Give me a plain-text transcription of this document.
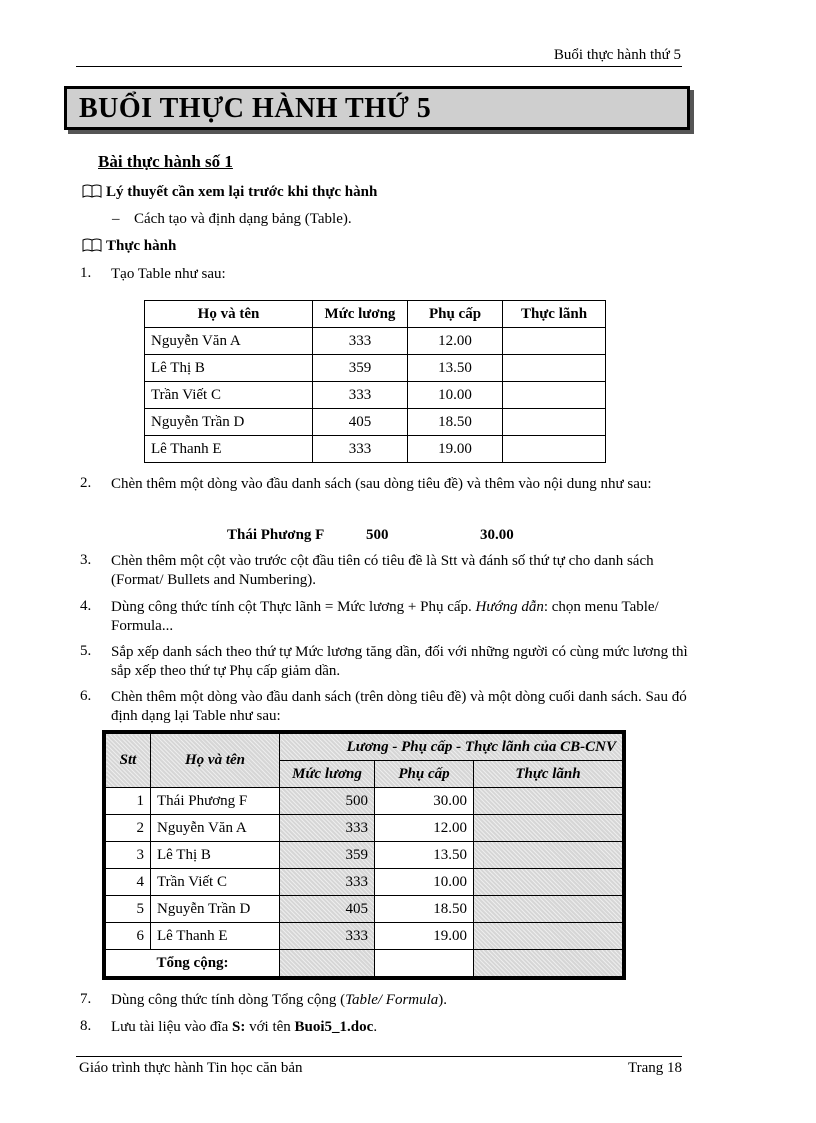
Buổi thực hành thứ 5
BUỔI THỰC HÀNH THỨ 5
Bài thực hành số 1
Lý thuyết cần xem lại trước khi thực hành
– Cách tạo và định dạng bảng (Table).
Thực hành
1.	Tạo Table như sau:
Họ và tên	Mức lương	Phụ cấp	Thực lãnh
Nguyễn Văn A	333	12.00	
Lê Thị B	359	13.50	
Trần Viết C	333	10.00	
Nguyễn Trần D	405	18.50	
Lê Thanh E	333	19.00	
2.	Chèn thêm một dòng vào đầu danh sách (sau dòng tiêu đề) và thêm vào nội dung như sau:
Thái Phương F	500	30.00
3.	Chèn thêm một cột vào trước cột đầu tiên có tiêu đề là Stt và đánh số thứ tự cho danh sách (Format/ Bullets and Numbering).
4.	Dùng công thức tính cột Thực lãnh = Mức lương + Phụ cấp. Hướng dẫn: chọn menu Table/ Formula...
5.	Sắp xếp danh sách theo thứ tự Mức lương tăng dần, đối với những người có cùng mức lương thì sắp xếp theo thứ tự Phụ cấp giảm dần.
6.	Chèn thêm một dòng vào đầu danh sách (trên dòng tiêu đề) và một dòng cuối danh sách. Sau đó định dạng lại Table như sau:
Stt	Họ và tên	Lương - Phụ cấp - Thực lãnh của CB-CNV		
		Mức lương	Phụ cấp	Thực lãnh
1	Thái Phương F	500	30.00	
2	Nguyễn Văn A	333	12.00	
3	Lê Thị B	359	13.50	
4	Trần Viết C	333	10.00	
5	Nguyễn Trần D	405	18.50	
6	Lê Thanh E	333	19.00	
Tổng cộng:				
7.	Dùng công thức tính dòng Tổng cộng (Table/ Formula).
8.	Lưu tài liệu vào đĩa S: với tên Buoi5_1.doc.
Giáo trình thực hành Tin học căn bản	Trang 18
